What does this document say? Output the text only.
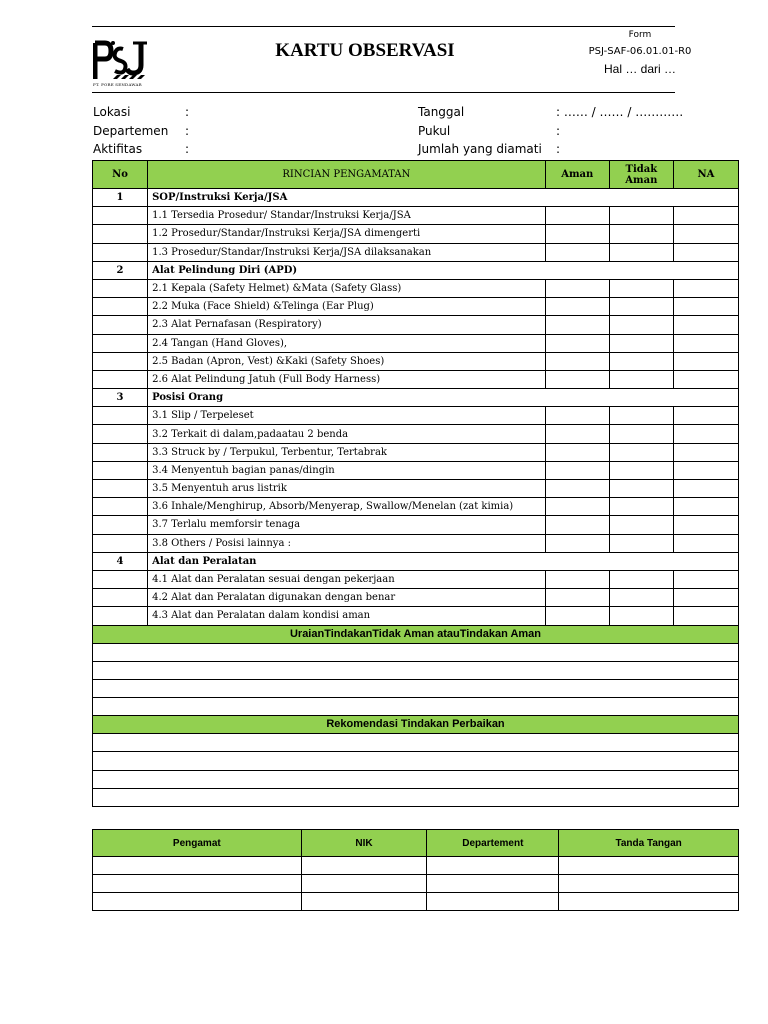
PT. PORE SENDAWAR
KARTU OBSERVASI
Form
PSJ-SAF-06.01.01-R0
Hal … dari …
Lokasi	:
Departemen :
Aktifitas	:
Tanggal	: …… / …… / …………
Pukul	:
Jumlah yang diamati :
No	RINCIAN PENGAMATAN	Aman	Tidak Aman	NA
1	SOP/Instruksi Kerja/JSA			
	1.1 Tersedia Prosedur/ Standar/Instruksi Kerja/JSA			
	1.2 Prosedur/Standar/Instruksi Kerja/JSA dimengerti			
	1.3 Prosedur/Standar/Instruksi Kerja/JSA dilaksanakan			
2	Alat Pelindung Diri (APD)			
	2.1 Kepala (Safety Helmet) &Mata (Safety Glass)			
	2.2 Muka (Face Shield) &Telinga (Ear Plug)			
	2.3 Alat Pernafasan (Respiratory)			
	2.4 Tangan (Hand Gloves),			
	2.5 Badan (Apron, Vest) &Kaki (Safety Shoes)			
	2.6 Alat Pelindung Jatuh (Full Body Harness)			
3	Posisi Orang			
	3.1 Slip / Terpeleset			
	3.2 Terkait di dalam,padaatau 2 benda			
	3.3 Struck by / Terpukul, Terbentur, Tertabrak			
	3.4 Menyentuh bagian panas/dingin			
	3.5 Menyentuh arus listrik			
	3.6 Inhale/Menghirup, Absorb/Menyerap, Swallow/Menelan (zat kimia)			
	3.7 Terlalu memforsir tenaga			
	3.8 Others / Posisi lainnya :			
4	Alat dan Peralatan			
	4.1 Alat dan Peralatan sesuai dengan pekerjaan			
	4.2 Alat dan Peralatan digunakan dengan benar			
	4.3 Alat dan Peralatan dalam kondisi aman			
UraianTindakanTidak Aman atauTindakan Aman				

Rekomendasi Tindakan Perbaikan				

Pengamat	NIK	Departement	Tanda Tangan
